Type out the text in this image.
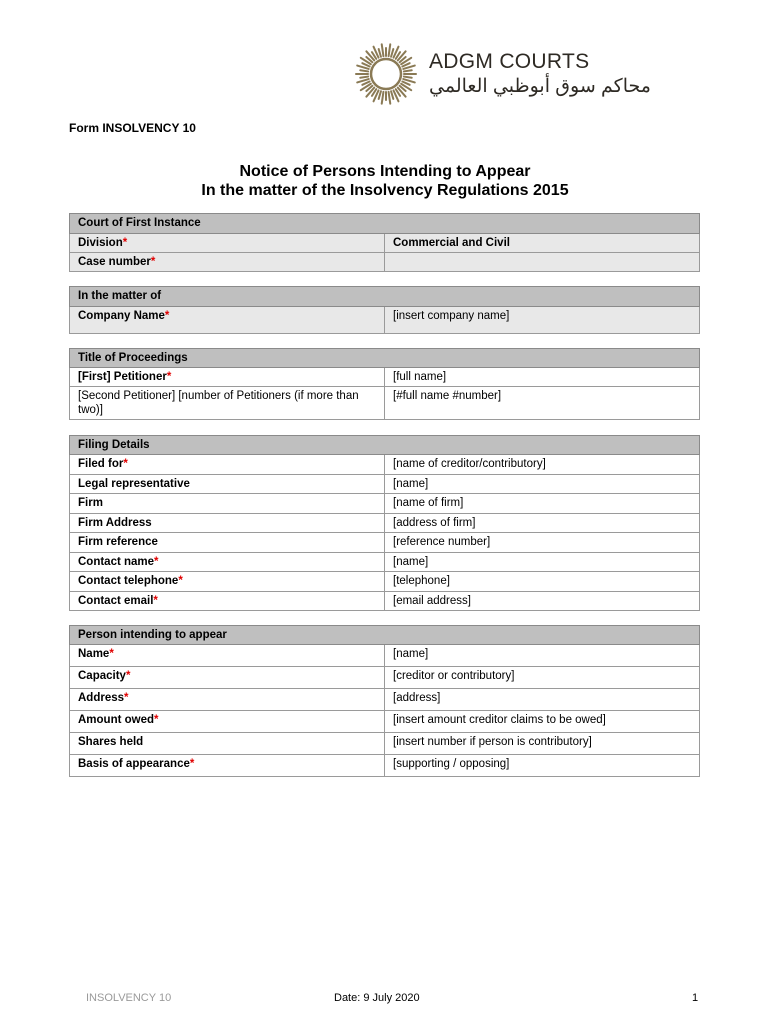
ADGM COURTS
محاكم سوق أبوظبي العالمي
Form INSOLVENCY 10
Notice of Persons Intending to Appear
In the matter of the Insolvency Regulations 2015
Court of First Instance	
Division*	Commercial and Civil
Case number*	
In the matter of
Company Name*	[insert company name]
Title of Proceedings	
[First] Petitioner*	[full name]
[Second Petitioner] [number of Petitioners (if more than two)]	[#full name #number]
Filing Details	
Filed for*	[name of creditor/contributory]
Legal representative	[name]
Firm	[name of firm]
Firm Address	[address of firm]
Firm reference	[reference number]
Contact name*	[name]
Contact telephone*	[telephone]
Contact email*	[email address]
Person intending to appear	
Name*	[name]
Capacity*	[creditor or contributory]
Address*	[address]
Amount owed*	[insert amount creditor claims to be owed]
Shares held	[insert number if person is contributory]
Basis of appearance*	[supporting / opposing]
INSOLVENCY 10	Date: 9 July 2020	1
